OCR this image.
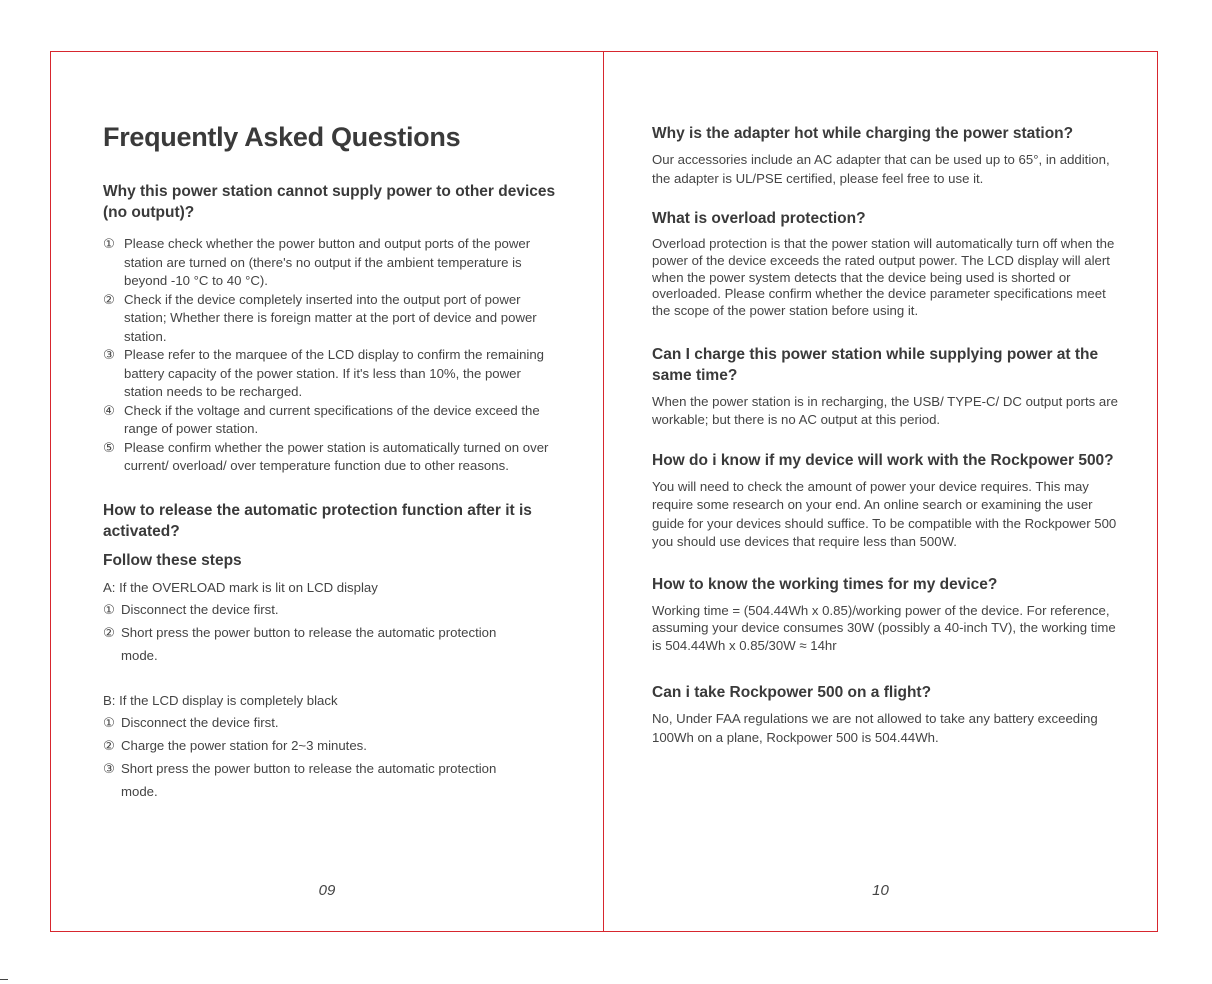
Frequently Asked Questions
Why this power station cannot supply power to other devices (no output)?
① Please check whether the power button and output ports of the power station are turned on (there's no output if the ambient temperature is beyond -10 °C to 40 °C).
② Check if the device completely inserted into the output port of power station; Whether there is foreign matter at the port of device and power station.
③ Please refer to the marquee of the LCD display to confirm the remaining battery capacity of the power station. If it's less than 10%, the power station needs to be recharged.
④ Check if the voltage and current specifications of the device exceed the range of power station.
⑤ Please confirm whether the power station is automatically turned on over current/ overload/ over temperature function due to other reasons.
How to release the automatic protection function after it is activated?
Follow these steps
A: If the OVERLOAD mark is lit on LCD display
① Disconnect the device first.
② Short press the power button to release the automatic protection
mode.
B: If the LCD display is completely black
① Disconnect the device first.
② Charge the power station for 2~3 minutes.
③ Short press the power button to release the automatic protection
mode.
09
Why is the adapter hot while charging the power station?

Our accessories include an AC adapter that can be used up to 65°, in addition, the adapter is UL/PSE certified, please feel free to use it.

What is overload protection?

Overload protection is that the power station will automatically turn off when the power of the device exceeds the rated output power. The LCD display will alert when the power system detects that the device being used is shorted or overloaded. Please confirm whether the device parameter specifications meet the scope of the power station before using it.

Can I charge this power station while supplying power at the same time?

When the power station is in recharging, the USB/ TYPE-C/ DC output ports are workable; but there is no AC output at this period.

How do i know if my device will work with the Rockpower 500?

You will need to check the amount of power your device requires. This may require some research on your end. An online search or examining the user guide for your devices should suffice. To be compatible with the Rockpower 500 you should use devices that require less than 500W.

How to know the working times for my device?

Working time = (504.44Wh x 0.85)/working power of the device. For reference, assuming your device consumes 30W (possibly a 40-inch TV), the working time is 504.44Wh x 0.85/30W ≈ 14hr

Can i take Rockpower 500 on a flight?

No, Under FAA regulations we are not allowed to take any battery exceeding 100Wh on a plane, Rockpower 500 is 504.44Wh.

10
